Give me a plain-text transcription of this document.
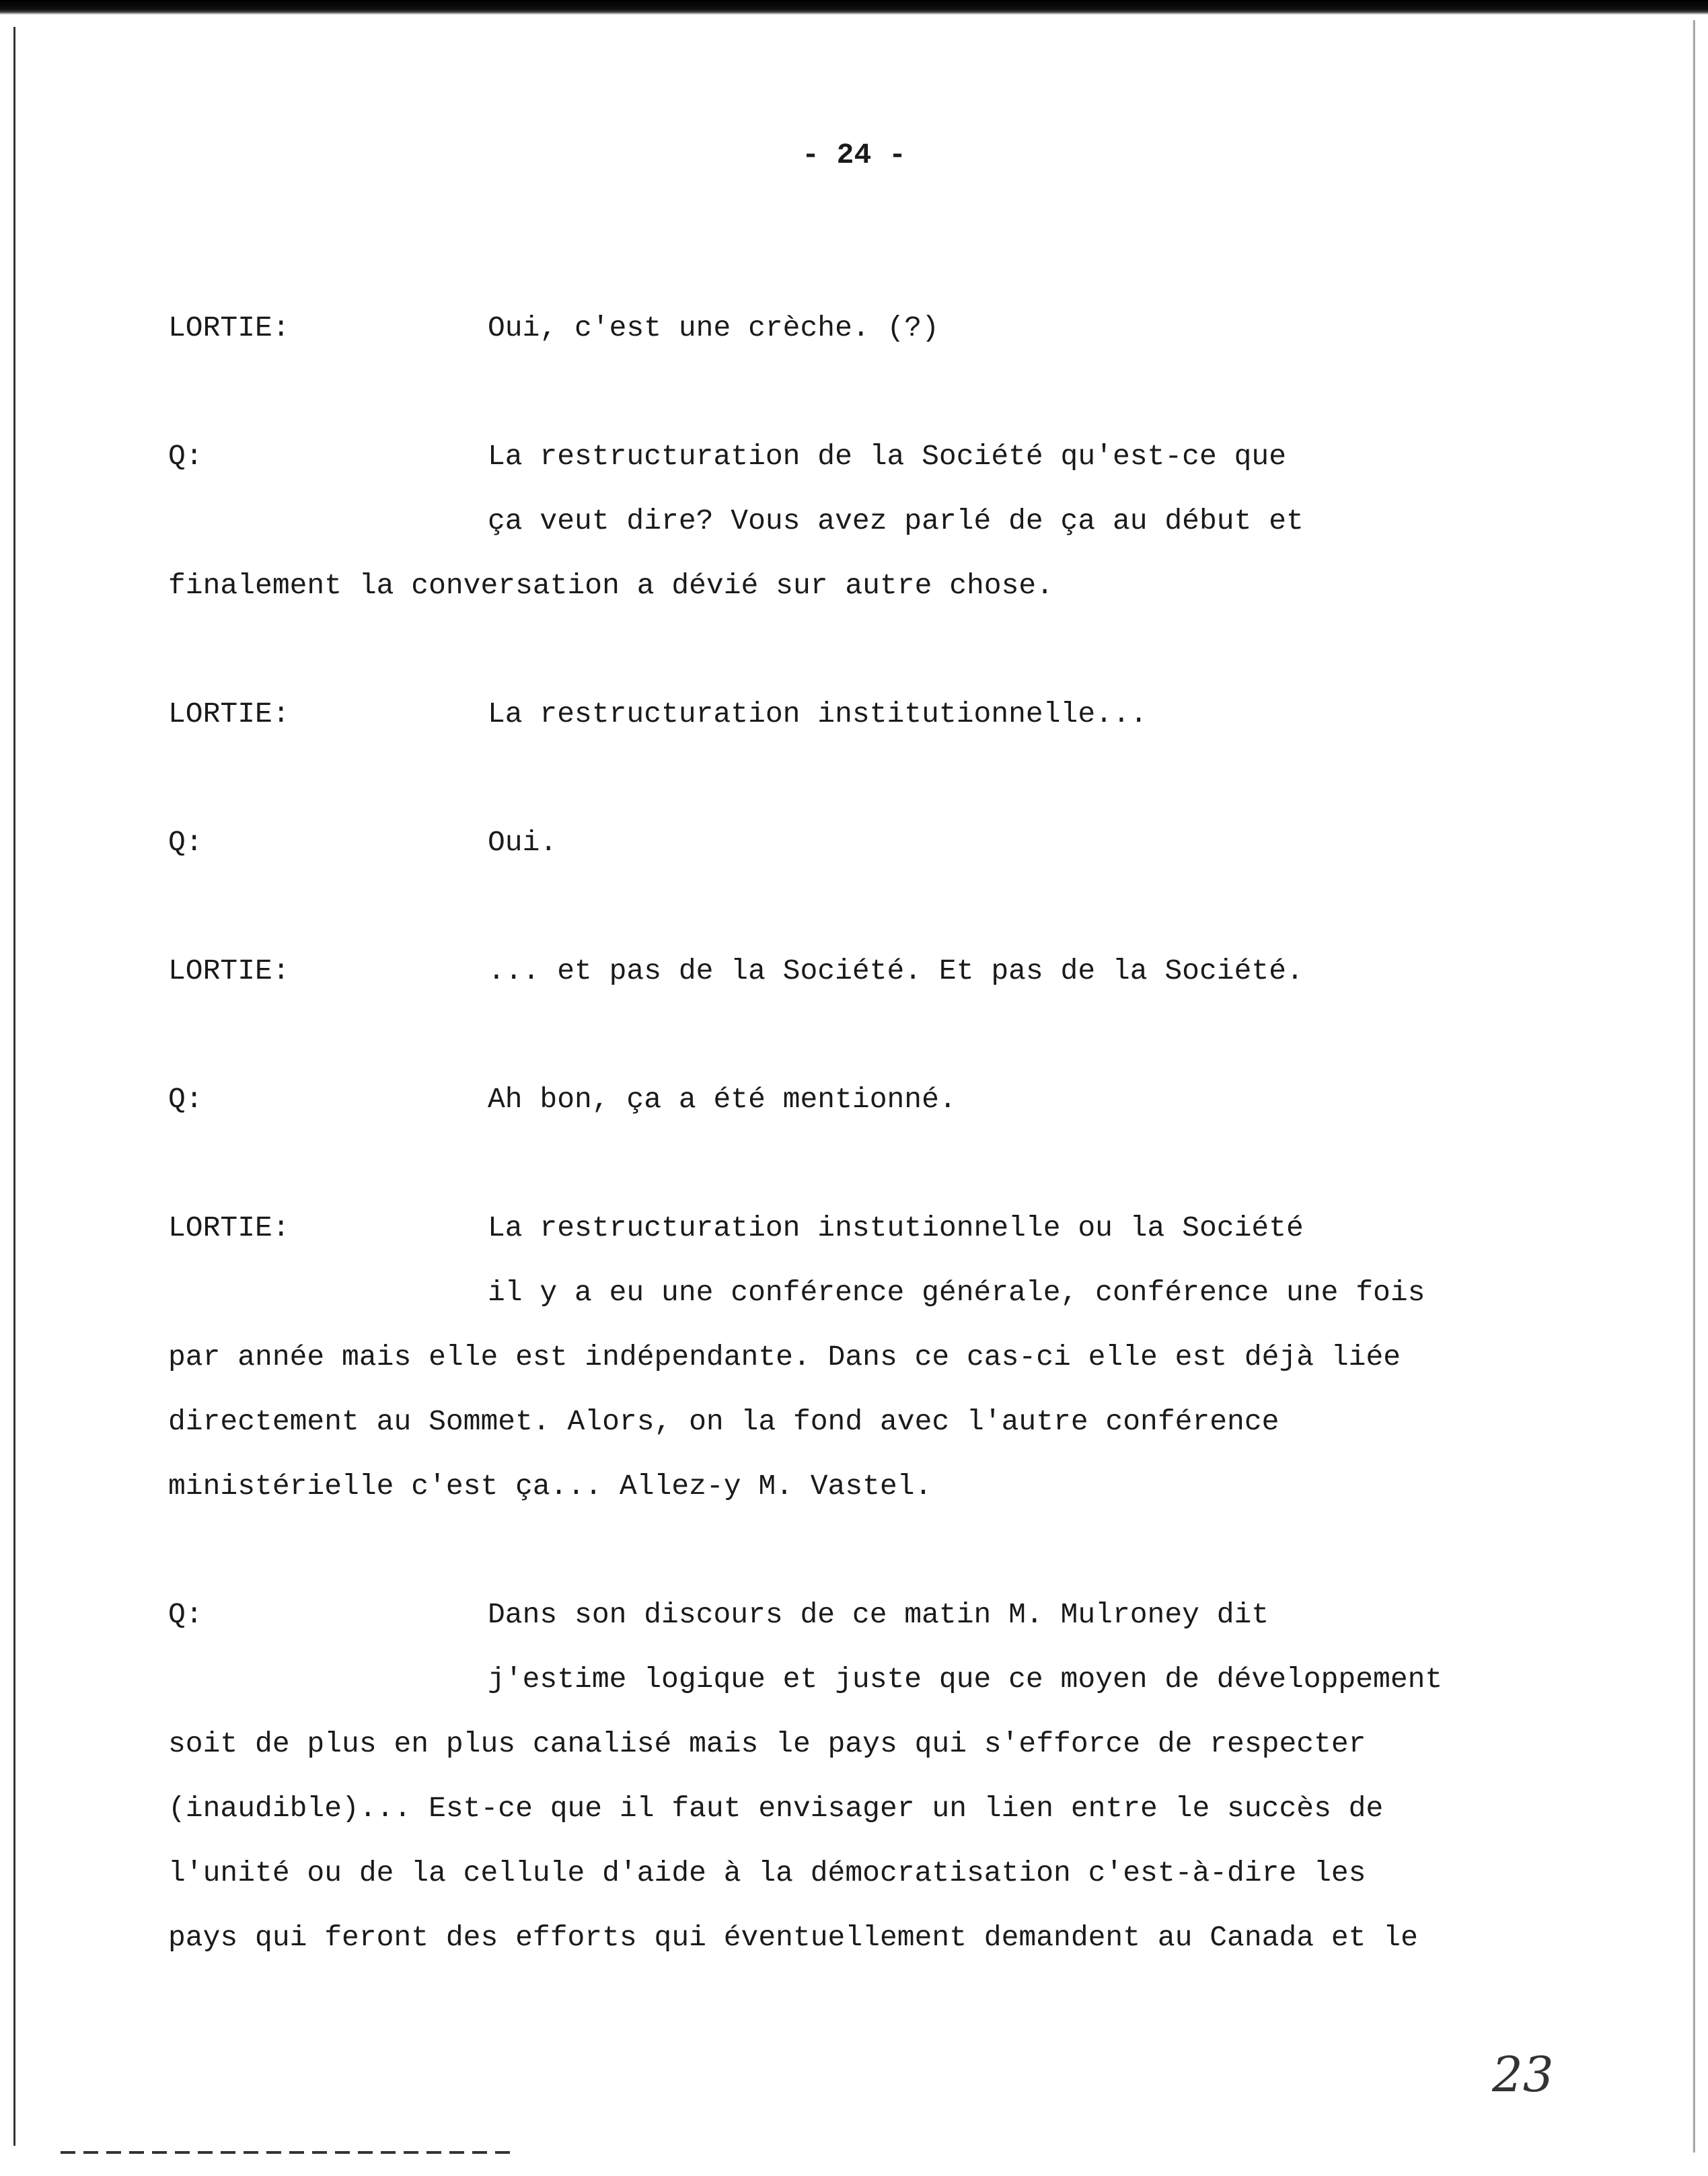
- 24 -
LORTIE:	Oui, c'est une crèche. (?)
Q:	La restructuration de la Société qu'est-ce que
ça veut dire? Vous avez parlé de ça au début et
finalement la conversation a dévié sur autre chose.
LORTIE:	La restructuration institutionnelle...
Q:	Oui.
LORTIE:	... et pas de la Société. Et pas de la Société.
Q:	Ah bon, ça a été mentionné.
LORTIE:	La restructuration instutionnelle ou la Société
il y a eu une conférence générale, conférence une fois
par année mais elle est indépendante. Dans ce cas-ci elle est déjà liée
directement au Sommet. Alors, on la fond avec l'autre conférence
ministérielle c'est ça... Allez-y M. Vastel.
Q:	Dans son discours de ce matin M. Mulroney dit
j'estime logique et juste que ce moyen de développement
soit de plus en plus canalisé mais le pays qui s'efforce de respecter
(inaudible)... Est-ce que il faut envisager un lien entre le succès de
l'unité ou de la cellule d'aide à la démocratisation c'est-à-dire les
pays qui feront des efforts qui éventuellement demandent au Canada et le
23
